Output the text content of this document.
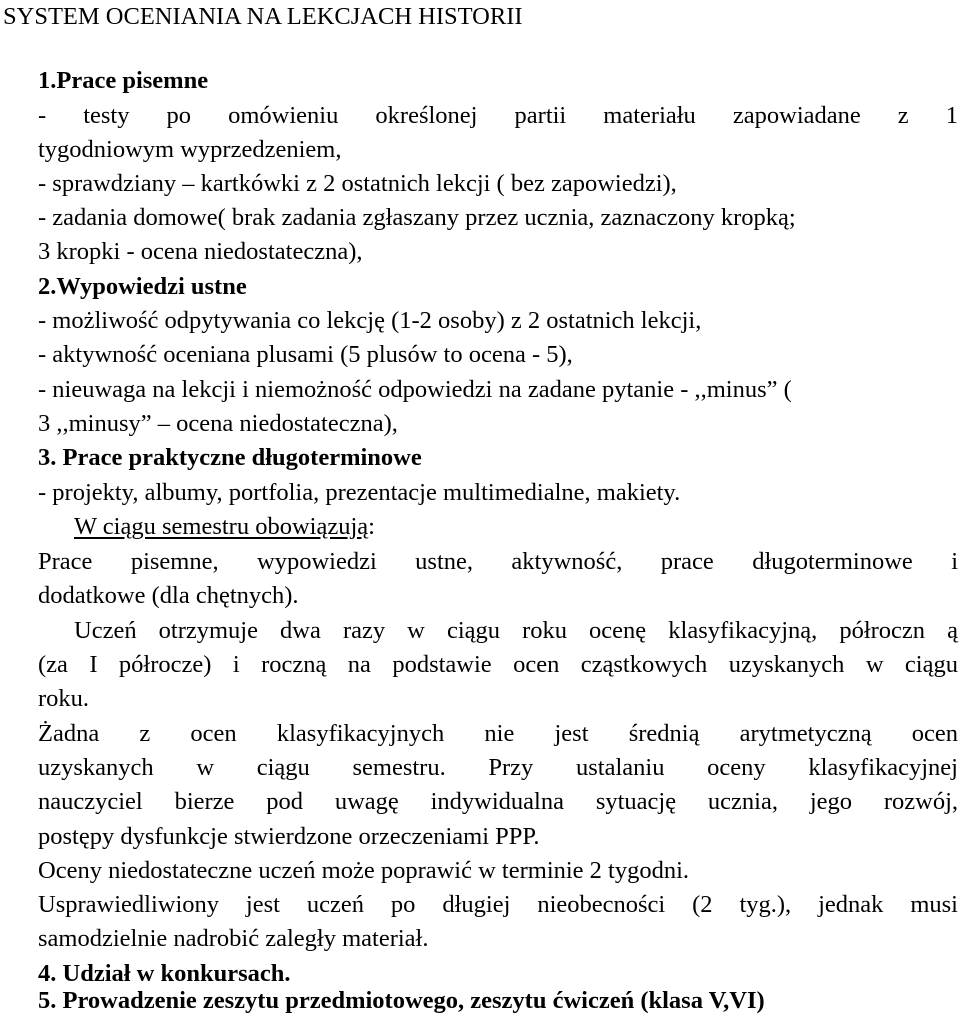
SYSTEM OCENIANIA NA LEKCJACH HISTORII
1.Prace pisemne
- testy po omówieniu określonej partii materiału zapowiadane z 1
tygodniowym wyprzedzeniem,
- sprawdziany – kartkówki z 2 ostatnich lekcji ( bez zapowiedzi),
- zadania domowe( brak zadania zgłaszany przez ucznia, zaznaczony kropką;
3 kropki - ocena niedostateczna),
2.Wypowiedzi ustne
- możliwość odpytywania co lekcję (1-2 osoby) z 2 ostatnich lekcji,
- aktywność oceniana plusami (5 plusów to ocena - 5),
- nieuwaga na lekcji i niemożność odpowiedzi na zadane pytanie - ,,minus” (
3 ,,minusy” – ocena niedostateczna),
3. Prace praktyczne długoterminowe
- projekty, albumy, portfolia, prezentacje multimedialne, makiety.
W ciągu semestru obowiązują:
Prace pisemne, wypowiedzi ustne, aktywność, prace długoterminowe i
dodatkowe (dla chętnych).
Uczeń otrzymuje dwa razy w ciągu roku ocenę klasyfikacyjną, półroczn ą
(za I półrocze) i roczną na podstawie ocen cząstkowych uzyskanych w ciągu
roku.
Żadna z ocen klasyfikacyjnych nie jest średnią arytmetyczną ocen
uzyskanych w ciągu semestru. Przy ustalaniu oceny klasyfikacyjnej
nauczyciel bierze pod uwagę indywidualna sytuację ucznia, jego rozwój,
postępy dysfunkcje stwierdzone orzeczeniami PPP.
Oceny niedostateczne uczeń może poprawić w terminie 2 tygodni.
Usprawiedliwiony jest uczeń po długiej nieobecności (2 tyg.), jednak musi
samodzielnie nadrobić zaległy materiał.
4. Udział w konkursach.
5. Prowadzenie zeszytu przedmiotowego, zeszytu ćwiczeń (klasa V,VI)
